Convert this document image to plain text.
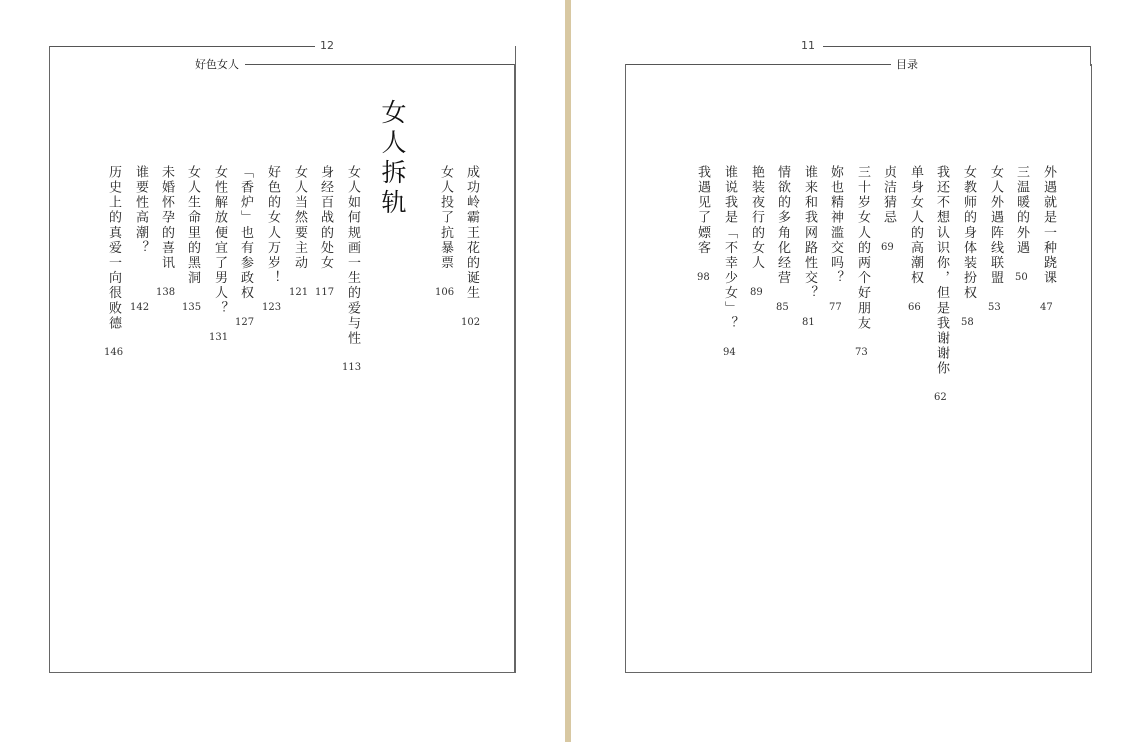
12
好色女人
女人拆轨

成功岭霸王花的诞生

102

女人投了抗暴票

106

女人如何规画一生的爱与性

113

身经百战的处女

117

女人当然要主动

121

好色的女人万岁！

123

「香炉」也有参政权

127

女性解放便宜了男人？

131

女人生命里的黑洞

135

未婚怀孕的喜讯

138

谁要性高潮？

142

历史上的真爱一向很败德

146
11
目录

外遇就是一种跷课

47

三温暖的外遇

50

女人外遇阵线联盟

53

女教师的身体装扮权

58

我还不想认识你，但是我谢谢你

62

单身女人的高潮权

66

贞洁猜忌

69

三十岁女人的两个好朋友

73

妳也精神滥交吗？

77

谁来和我网路性交？

81

情欲的多角化经营

85

艳装夜行的女人

89

谁说我是「不幸少女」？

94

我遇见了嫖客

98
